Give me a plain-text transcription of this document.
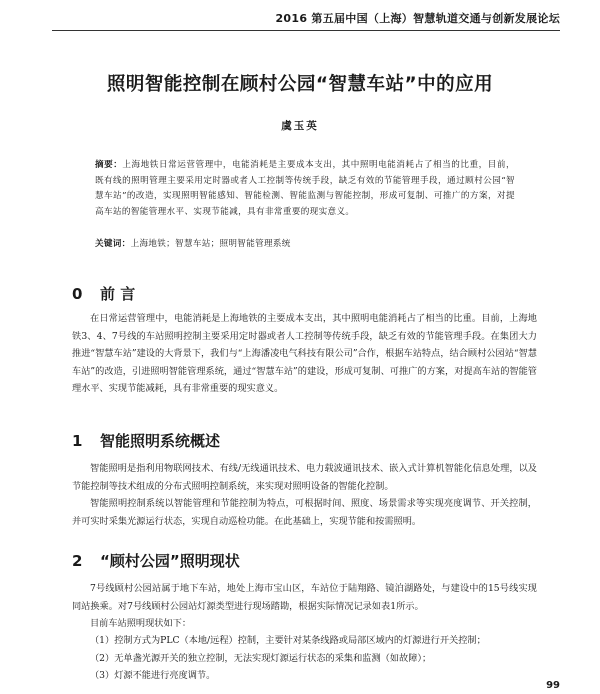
2016 第五届中国（上海）智慧轨道交通与创新发展论坛
照明智能控制在顾村公园“智慧车站”中的应用
虞玉英
摘要：上海地铁日常运营管理中，电能消耗是主要成本支出，其中照明电能消耗占了相当的比重，目前，既有线的照明管理主要采用定时器或者人工控制等传统手段，缺乏有效的节能管理手段，通过顾村公园“智慧车站”的改造，实现照明智能感知、智能检测、智能监测与智能控制，形成可复制、可推广的方案，对提高车站的智能管理水平、实现节能减，具有非常重要的现实意义。
关键词：上海地铁；智慧车站；照明智能管理系统
0 前 言

在日常运营管理中，电能消耗是上海地铁的主要成本支出，其中照明电能消耗占了相当的比重。目前，上海地铁3、4、7号线的车站照明控制主要采用定时器或者人工控制等传统手段，缺乏有效的节能管理手段。在集团大力推进“智慧车站”建设的大背景下，我们与“上海潘凌电气科技有限公司”合作，根据车站特点，结合顾村公园站“智慧车站”的改造，引进照明智能管理系统，通过“智慧车站”的建设，形成可复制、可推广的方案，对提高车站的智能管理水平、实现节能减耗，具有非常重要的现实意义。

1 智能照明系统概述

智能照明是指利用物联网技术、有线/无线通讯技术、电力载波通讯技术、嵌入式计算机智能化信息处理，以及节能控制等技术组成的分布式照明控制系统，来实现对照明设备的智能化控制。

智能照明控制系统以智能管理和节能控制为特点，可根据时间、照度、场景需求等实现亮度调节、开关控制，并可实时采集光源运行状态，实现自动巡检功能。在此基础上，实现节能和按需照明。

2 “顾村公园”照明现状

7号线顾村公园站属于地下车站，地处上海市宝山区，车站位于陆翔路、镜泊湖路处，与建设中的15号线实现同站换乘。对7号线顾村公园站灯源类型进行现场踏勘，根据实际情况记录如表1所示。

目前车站照明现状如下：

（1）控制方式为PLC（本地/远程）控制，主要针对某条线路或局部区域内的灯源进行开关控制；
（2）无单盏光源开关的独立控制，无法实现灯源运行状态的采集和监测（如故障）；
（3）灯源不能进行亮度调节。
99
